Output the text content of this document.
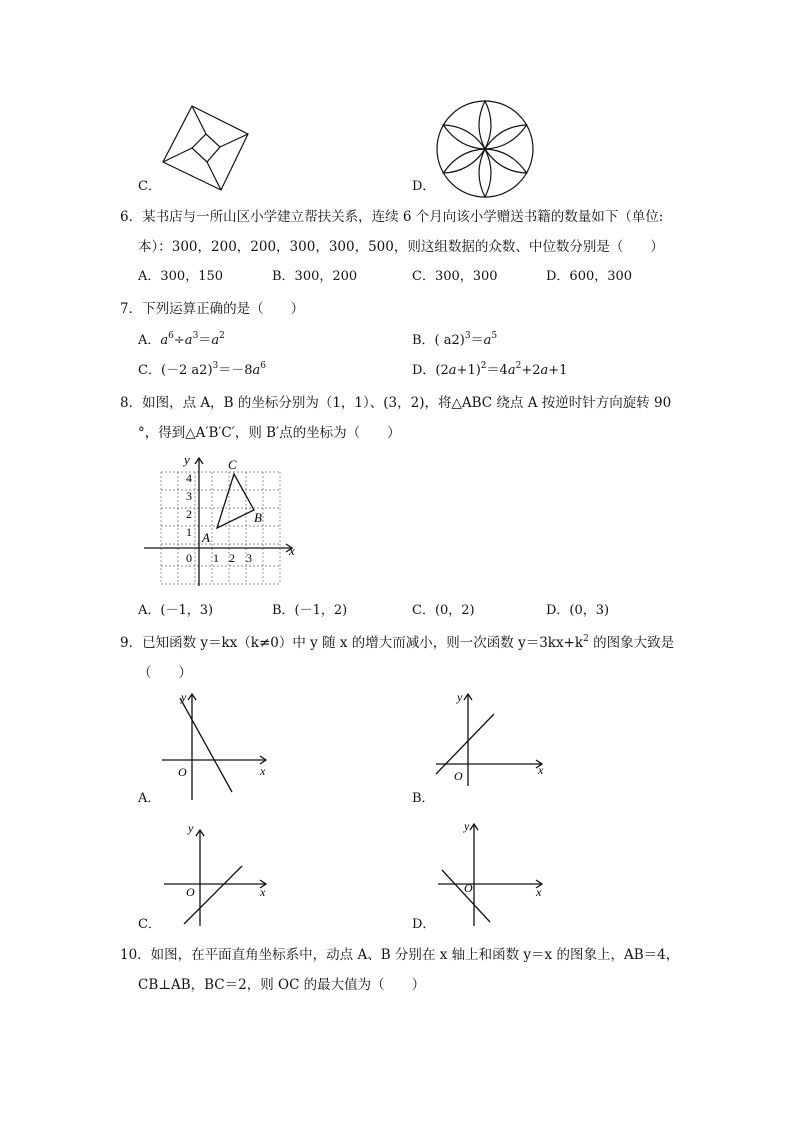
C．	D．
6．某书店与一所山区小学建立帮扶关系，连续 6 个月向该小学赠送书籍的数量如下（单位:
本）：300，200，200，300，300，500，则这组数据的众数、中位数分别是（　　）
A．300，150	B．300，200	C．300，300	D．600，300
7．下列运算正确的是（　　）
A．$a^6\div a^3=a^2$	B．( $a2)^3=a^5$
C．(－2 $a2)^3=-8a^6$	D．$(2a+1)^2=4a^2+2a+1$
8．如图，点 A，B 的坐标分别为（1，1）、(3，2)，将△ABC 绕点 A 按逆时针方向旋转 90
°，得到△A′B′C′，则 B′点的坐标为（　　）
y
x
4
3
2
1
0 1 2 3
A
B
C
A．(－1，3)	B．(－1，2)	C．(0，2)	D．(0，3)
9．已知函数 y＝kx（k≠0）中 y 随 x 的增大而减小，则一次函数 $y=3kx+k^2$ 的图象大致是
（　　）
y
x
O
A．
y
x
O
B．
y
x
O
C．
y
x
O
D．
10．如图，在平面直角坐标系中，动点 A、B 分别在 x 轴上和函数 y＝x 的图象上，AB＝4，
CB⊥AB，BC＝2，则 OC 的最大值为（　　）
